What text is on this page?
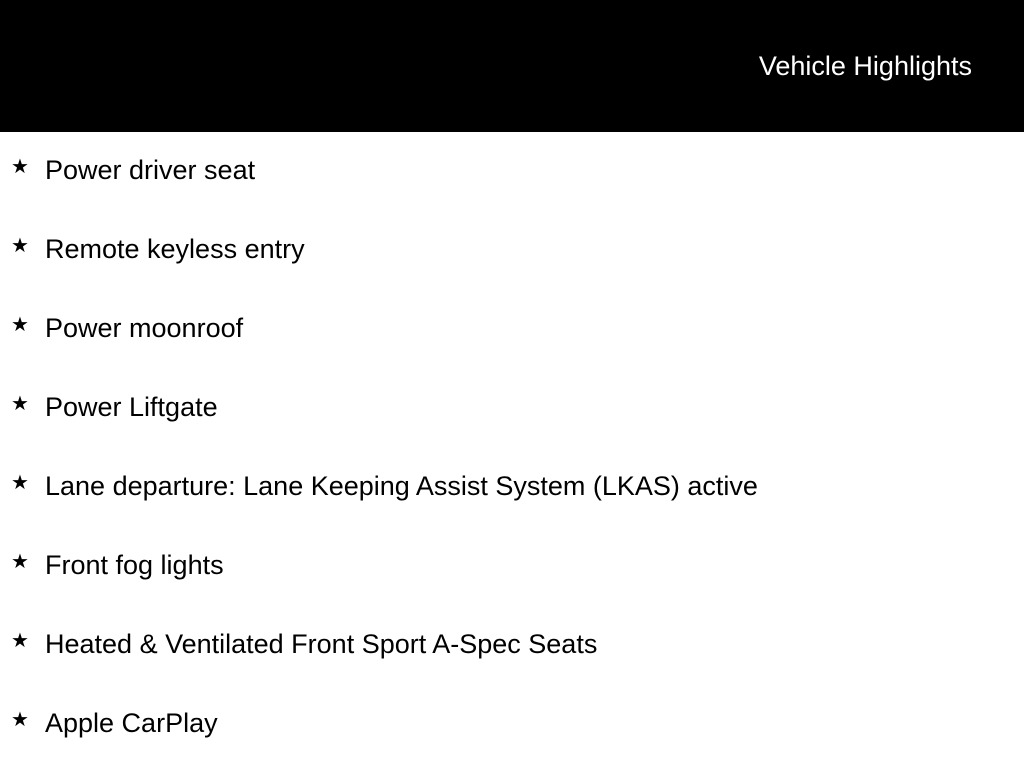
Vehicle Highlights
★ Power driver seat
★ Remote keyless entry
★ Power moonroof
★ Power Liftgate
★ Lane departure: Lane Keeping Assist System (LKAS) active
★ Front fog lights
★ Heated & Ventilated Front Sport A-Spec Seats
★ Apple CarPlay
